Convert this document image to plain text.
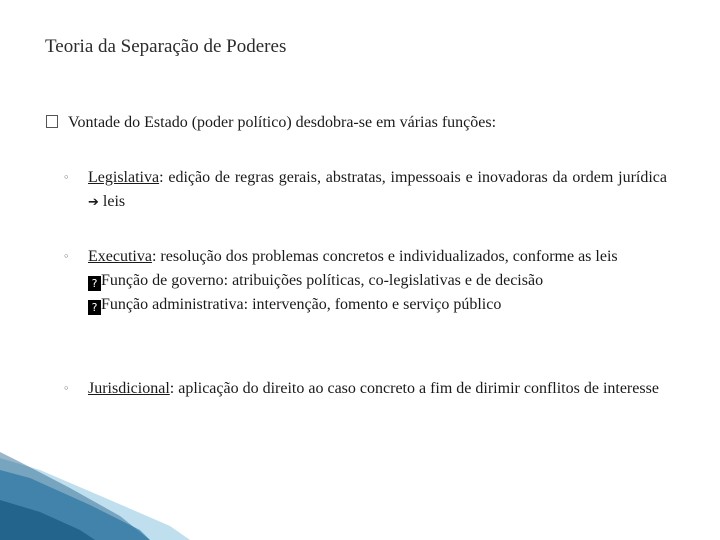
Teoria da Separação de Poderes
Vontade do Estado (poder político) desdobra-se em várias funções:
◦ Legislativa: edição de regras gerais, abstratas, impessoais e inovadoras da ordem jurídica ➔ leis
◦ Executiva: resolução dos problemas concretos e individualizados, conforme as leis
? Função de governo: atribuições políticas, co-legislativas e de decisão
? Função administrativa: intervenção, fomento e serviço público
◦ Jurisdicional: aplicação do direito ao caso concreto a fim de dirimir conflitos de interesse
